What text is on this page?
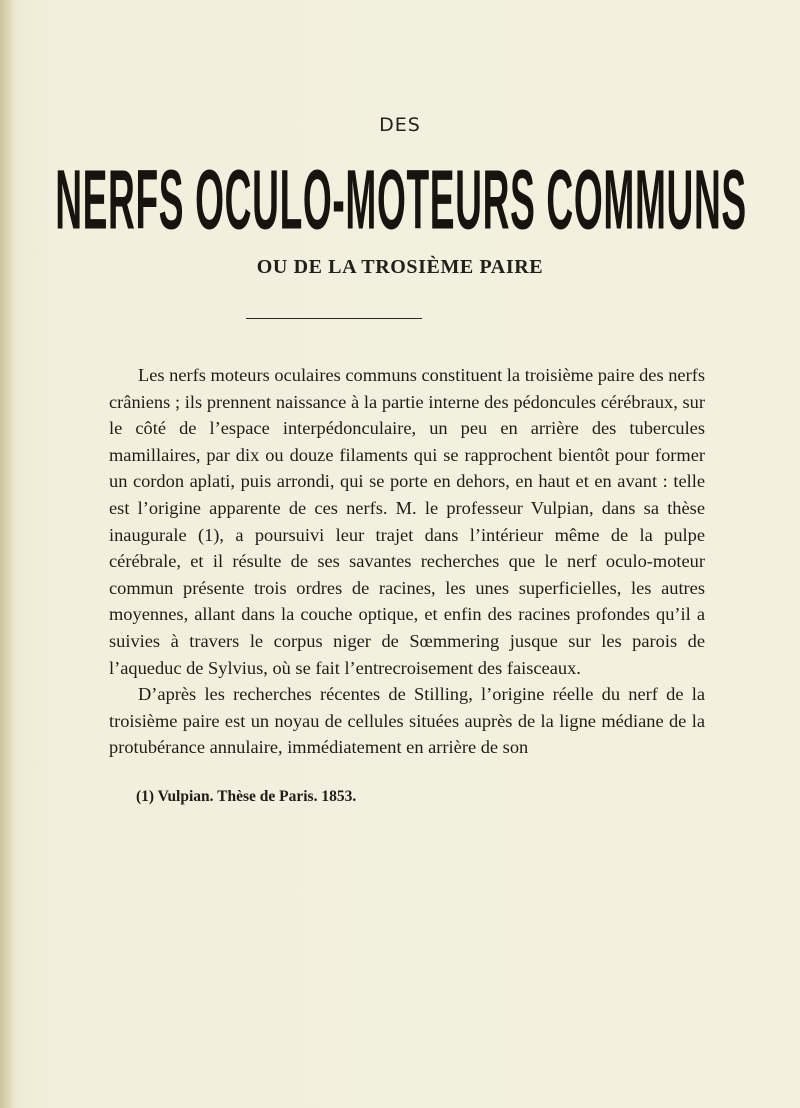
DES
NERFS OCULO-MOTEURS COMMUNS
OU DE LA TROSIÈME PAIRE

Les nerfs moteurs oculaires communs constituent la troisième paire des nerfs crâniens ; ils prennent naissance à la partie interne des pédoncules cérébraux, sur le côté de l’espace interpédonculaire, un peu en arrière des tubercules mamillaires, par dix ou douze filaments qui se rapprochent bientôt pour former un cordon aplati, puis arrondi, qui se porte en dehors, en haut et en avant : telle est l’origine apparente de ces nerfs. M. le professeur Vulpian, dans sa thèse inaugurale (1), a poursuivi leur trajet dans l’intérieur même de la pulpe cérébrale, et il résulte de ses savantes recherches que le nerf oculo-moteur commun présente trois ordres de racines, les unes superficielles, les autres moyennes, allant dans la couche optique, et enfin des racines profondes qu’il a suivies à travers le corpus niger de Sœmmering jusque sur les parois de l’aqueduc de Sylvius, où se fait l’entrecroisement des faisceaux.

D’après les recherches récentes de Stilling, l’origine réelle du nerf de la troisième paire est un noyau de cellules situées auprès de la ligne médiane de la protubérance annulaire, immédiatement en arrière de son

(1) Vulpian. Thèse de Paris. 1853.
